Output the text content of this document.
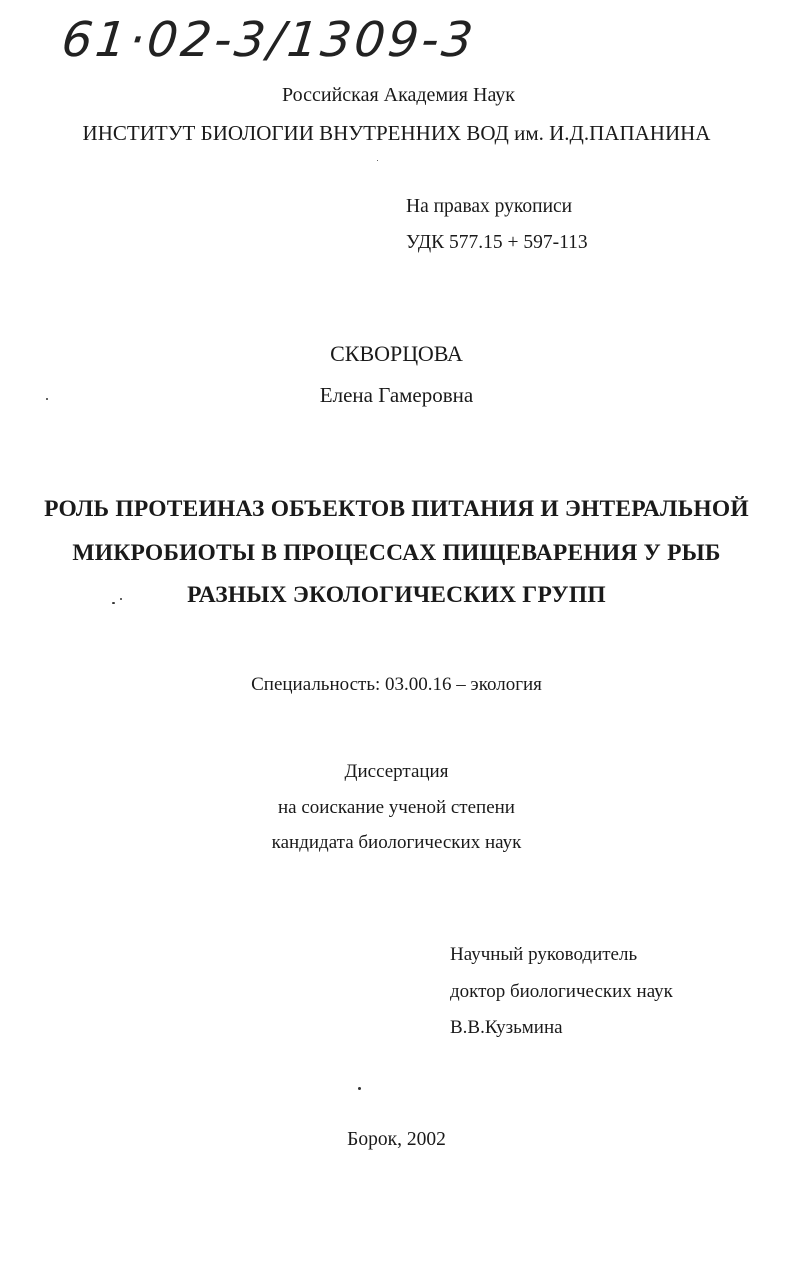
61·02-3/1309-3
Российская Академия Наук
ИНСТИТУТ БИОЛОГИИ ВНУТРЕННИХ ВОД им. И.Д.ПАПАНИНА
На правах рукописи
УДК 577.15 + 597-113
СКВОРЦОВА
Елена Гамеровна
РОЛЬ ПРОТЕИНАЗ ОБЪЕКТОВ ПИТАНИЯ И ЭНТЕРАЛЬНОЙ
МИКРОБИОТЫ В ПРОЦЕССАХ ПИЩЕВАРЕНИЯ У РЫБ
РАЗНЫХ ЭКОЛОГИЧЕСКИХ ГРУПП
Специальность: 03.00.16 – экология
Диссертация
на соискание ученой степени
кандидата биологических наук
Научный руководитель
доктор биологических наук
В.В.Кузьмина
Борок, 2002
